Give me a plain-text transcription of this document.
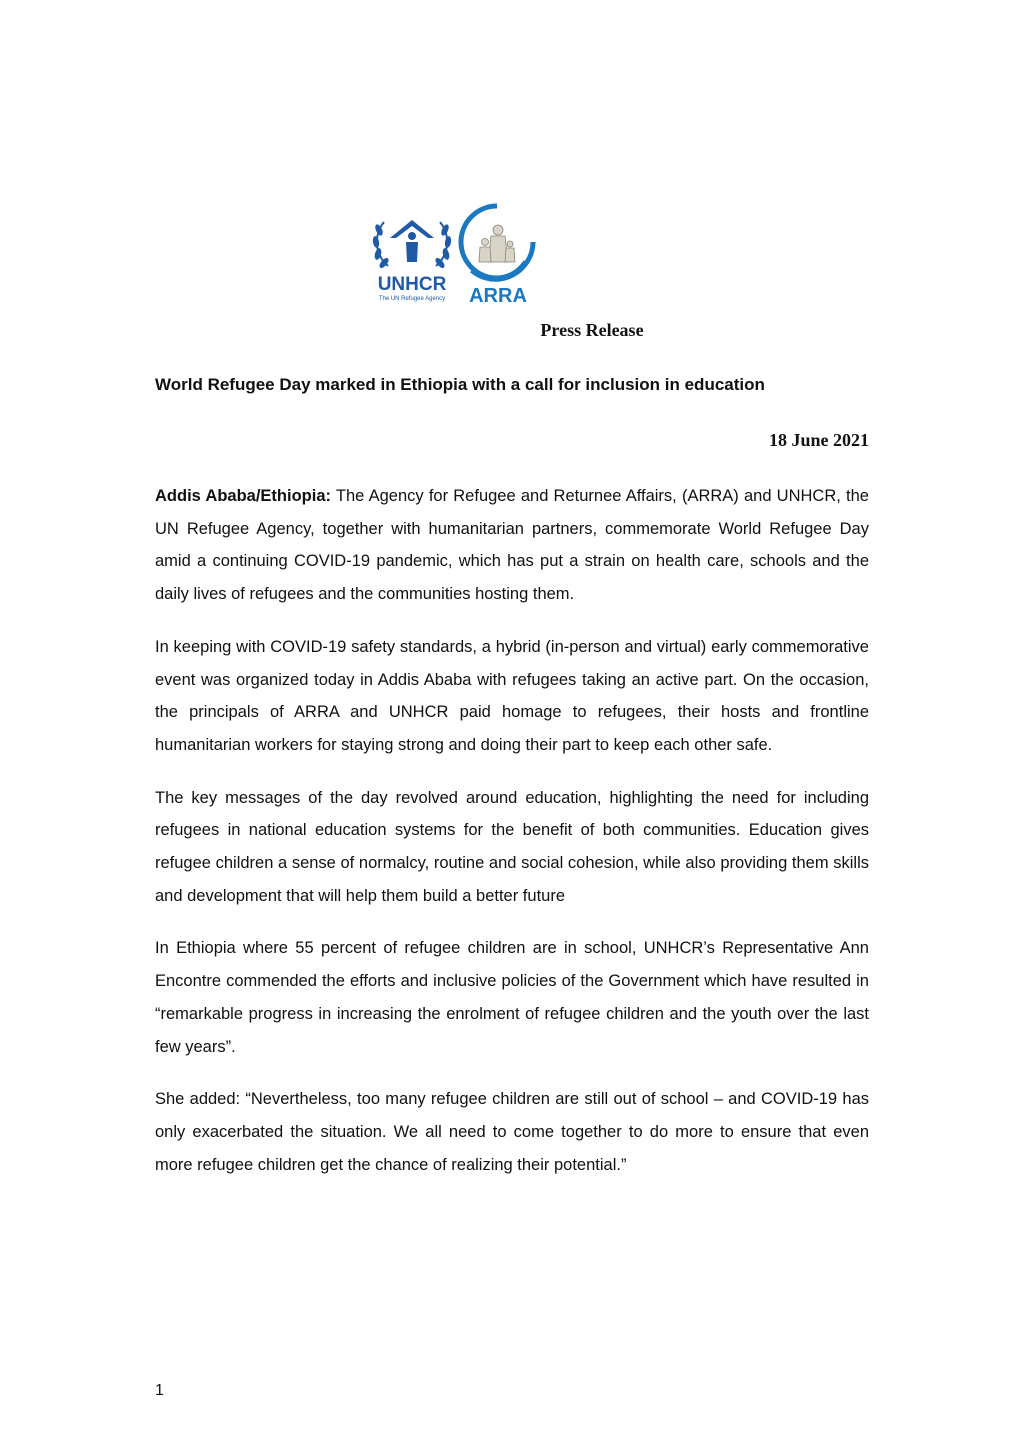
UNHCR
The UN Refugee Agency ARRA
Press Release
World Refugee Day marked in Ethiopia with a call for inclusion in education
18 June 2021

Addis Ababa/Ethiopia: The Agency for Refugee and Returnee Affairs, (ARRA) and UNHCR, the UN Refugee Agency, together with humanitarian partners, commemorate World Refugee Day amid a continuing COVID-19 pandemic, which has put a strain on health care, schools and the daily lives of refugees and the communities hosting them.

In keeping with COVID-19 safety standards, a hybrid (in-person and virtual) early commemorative event was organized today in Addis Ababa with refugees taking an active part. On the occasion, the principals of ARRA and UNHCR paid homage to refugees, their hosts and frontline humanitarian workers for staying strong and doing their part to keep each other safe.

The key messages of the day revolved around education, highlighting the need for including refugees in national education systems for the benefit of both communities. Education gives refugee children a sense of normalcy, routine and social cohesion, while also providing them skills and development that will help them build a better future

In Ethiopia where 55 percent of refugee children are in school, UNHCR’s Representative Ann Encontre commended the efforts and inclusive policies of the Government which have resulted in “remarkable progress in increasing the enrolment of refugee children and the youth over the last few years”.

She added: “Nevertheless, too many refugee children are still out of school – and COVID-19 has only exacerbated the situation. We all need to come together to do more to ensure that even more refugee children get the chance of realizing their potential.”

1
